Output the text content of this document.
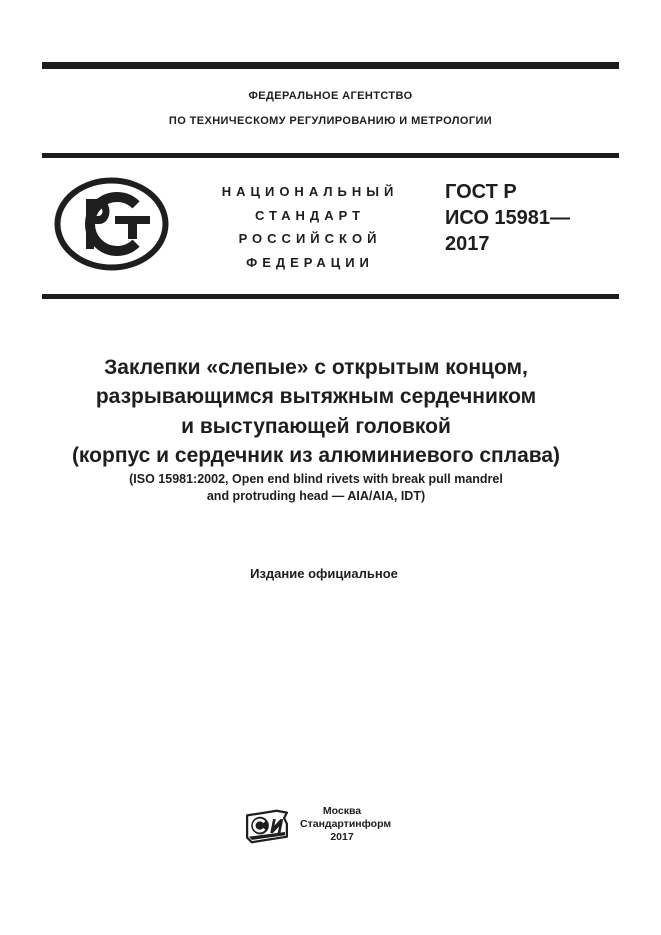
ФЕДЕРАЛЬНОЕ АГЕНТСТВО
ПО ТЕХНИЧЕСКОМУ РЕГУЛИРОВАНИЮ И МЕТРОЛОГИИ
НАЦИОНАЛЬНЫЙ
СТАНДАРТ
РОССИЙСКОЙ
ФЕДЕРАЦИИ
ГОСТ Р
ИСО 15981—
2017
Заклепки «слепые» с открытым концом,
разрывающимся вытяжным сердечником
и выступающей головкой
(корпус и сердечник из алюминиевого сплава)
(ISO 15981:2002, Open end blind rivets with break pull mandrel
and protruding head — AIA/AIA, IDT)
Издание официальное
Москва
Стандартинформ
2017
